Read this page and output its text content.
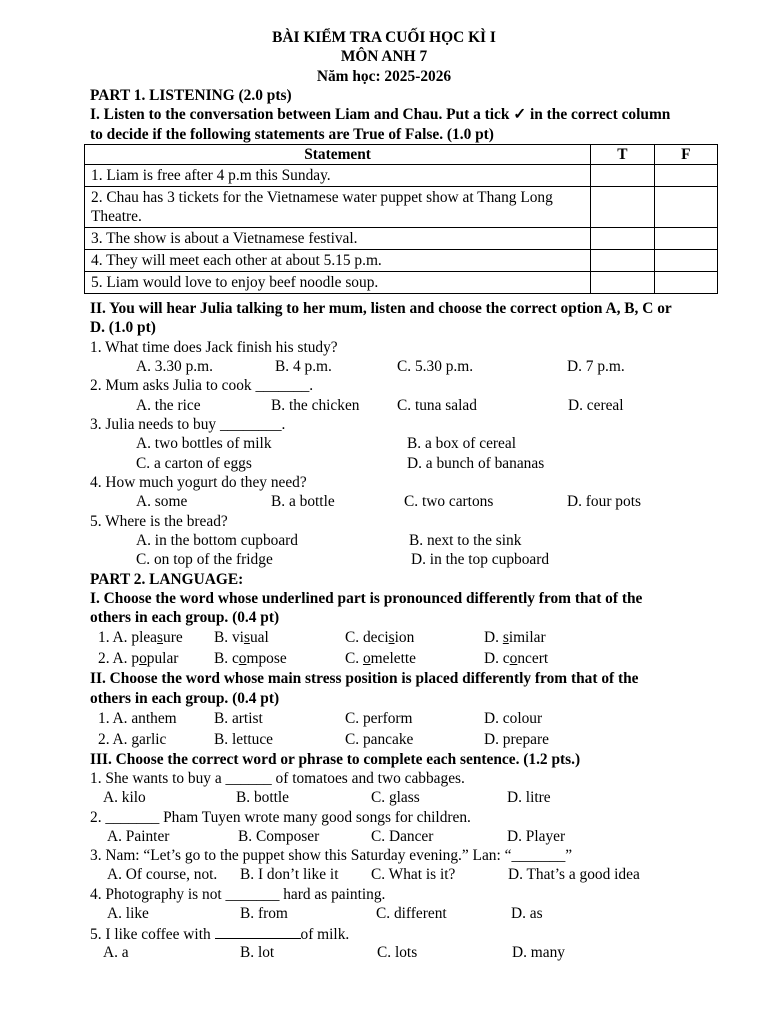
BÀI KIỂM TRA CUỐI HỌC KÌ I
MÔN ANH 7
Năm học: 2025-2026
PART 1. LISTENING (2.0 pts)
I. Listen to the conversation between Liam and Chau. Put a tick ✓ in the correct column
to decide if the following statements are True of False. (1.0 pt)
Statement	T	F
1. Liam is free after 4 p.m this Sunday.		
2. Chau has 3 tickets for the Vietnamese water puppet show at Thang Long Theatre.		
3. The show is about a Vietnamese festival.		
4. They will meet each other at about 5.15 p.m.		
5. Liam would love to enjoy beef noodle soup.		
II. You will hear Julia talking to her mum, listen and choose the correct option A, B, C or
D. (1.0 pt)
1. What time does Jack finish his study?
A. 3.30 p.m.	B. 4 p.m.	C. 5.30 p.m.	D. 7 p.m.
2. Mum asks Julia to cook _______.
A. the rice	B. the chicken C. tuna salad	D. cereal
3. Julia needs to buy ________.
A. two bottles of milk	B. a box of cereal
C. a carton of eggs	D. a bunch of bananas
4. How much yogurt do they need?
A. some	B. a bottle	C. two cartons	D. four pots
5. Where is the bread?
A. in the bottom cupboard	B. next to the sink
C. on top of the fridge	D. in the top cupboard
PART 2. LANGUAGE:
I. Choose the word whose underlined part is pronounced differently from that of the
others in each group. (0.4 pt)
1. A. pleasure B. visual	C. decision	D. similar
2. A. popular B. compose	C. omelette	D. concert
II. Choose the word whose main stress position is placed differently from that of the
others in each group. (0.4 pt)
1. A. anthem B. artist	C. perform	D. colour
2. A. garlic	B. lettuce	C. pancake	D. prepare
III. Choose the correct word or phrase to complete each sentence. (1.2 pts.)
1. She wants to buy a ______ of tomatoes and two cabbages.
A. kilo	B. bottle	C. glass	D. litre
2. _______ Pham Tuyen wrote many good songs for children.
A. Painter	B. Composer	C. Dancer	D. Player
3. Nam: “Let’s go to the puppet show this Saturday evening.” Lan: “_______”
A. Of course, not. B. I don’t like it C. What is it?	D. That’s a good idea
4. Photography is not _______ hard as painting.
A. like	B. from	C. different	D. as
5. I like coffee with	of milk.
A. a	B. lot	C. lots	D. many
